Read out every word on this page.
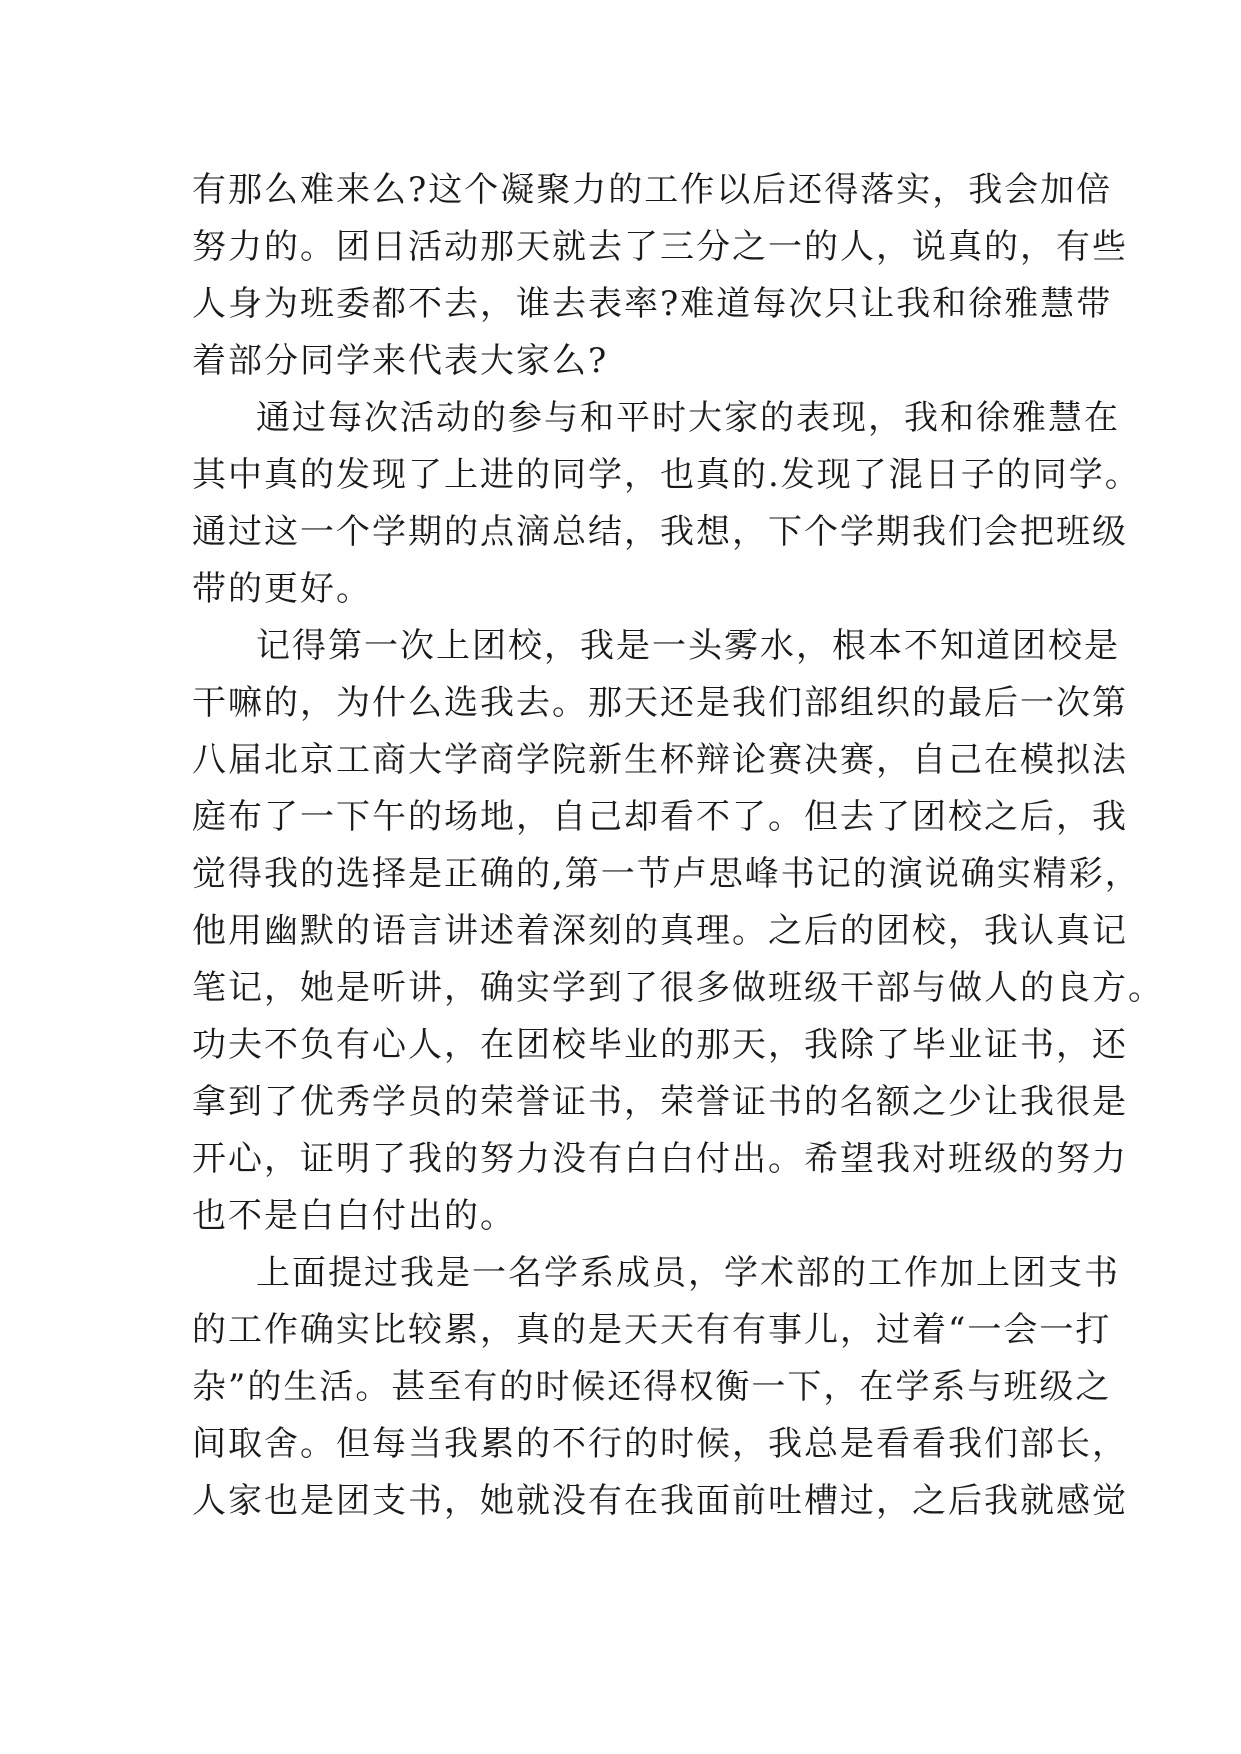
有那么难来么?这个凝聚力的工作以后还得落实，我会加倍
努力的。团日活动那天就去了三分之一的人，说真的，有些
人身为班委都不去，谁去表率?难道每次只让我和徐雅慧带
着部分同学来代表大家么?
通过每次活动的参与和平时大家的表现，我和徐雅慧在
其中真的发现了上进的同学，也真的.发现了混日子的同学。
通过这一个学期的点滴总结，我想，下个学期我们会把班级
带的更好。
记得第一次上团校，我是一头雾水，根本不知道团校是
干嘛的，为什么选我去。那天还是我们部组织的最后一次第
八届北京工商大学商学院新生杯辩论赛决赛，自己在模拟法
庭布了一下午的场地，自己却看不了。但去了团校之后，我
觉得我的选择是正确的,第一节卢思峰书记的演说确实精彩，
他用幽默的语言讲述着深刻的真理。之后的团校，我认真记
笔记，她是听讲，确实学到了很多做班级干部与做人的良方。
功夫不负有心人，在团校毕业的那天，我除了毕业证书，还
拿到了优秀学员的荣誉证书，荣誉证书的名额之少让我很是
开心，证明了我的努力没有白白付出。希望我对班级的努力
也不是白白付出的。
上面提过我是一名学系成员，学术部的工作加上团支书
的工作确实比较累，真的是天天有有事儿，过着“一会一打
杂”的生活。甚至有的时候还得权衡一下，在学系与班级之
间取舍。但每当我累的不行的时候，我总是看看我们部长，
人家也是团支书，她就没有在我面前吐槽过，之后我就感觉
